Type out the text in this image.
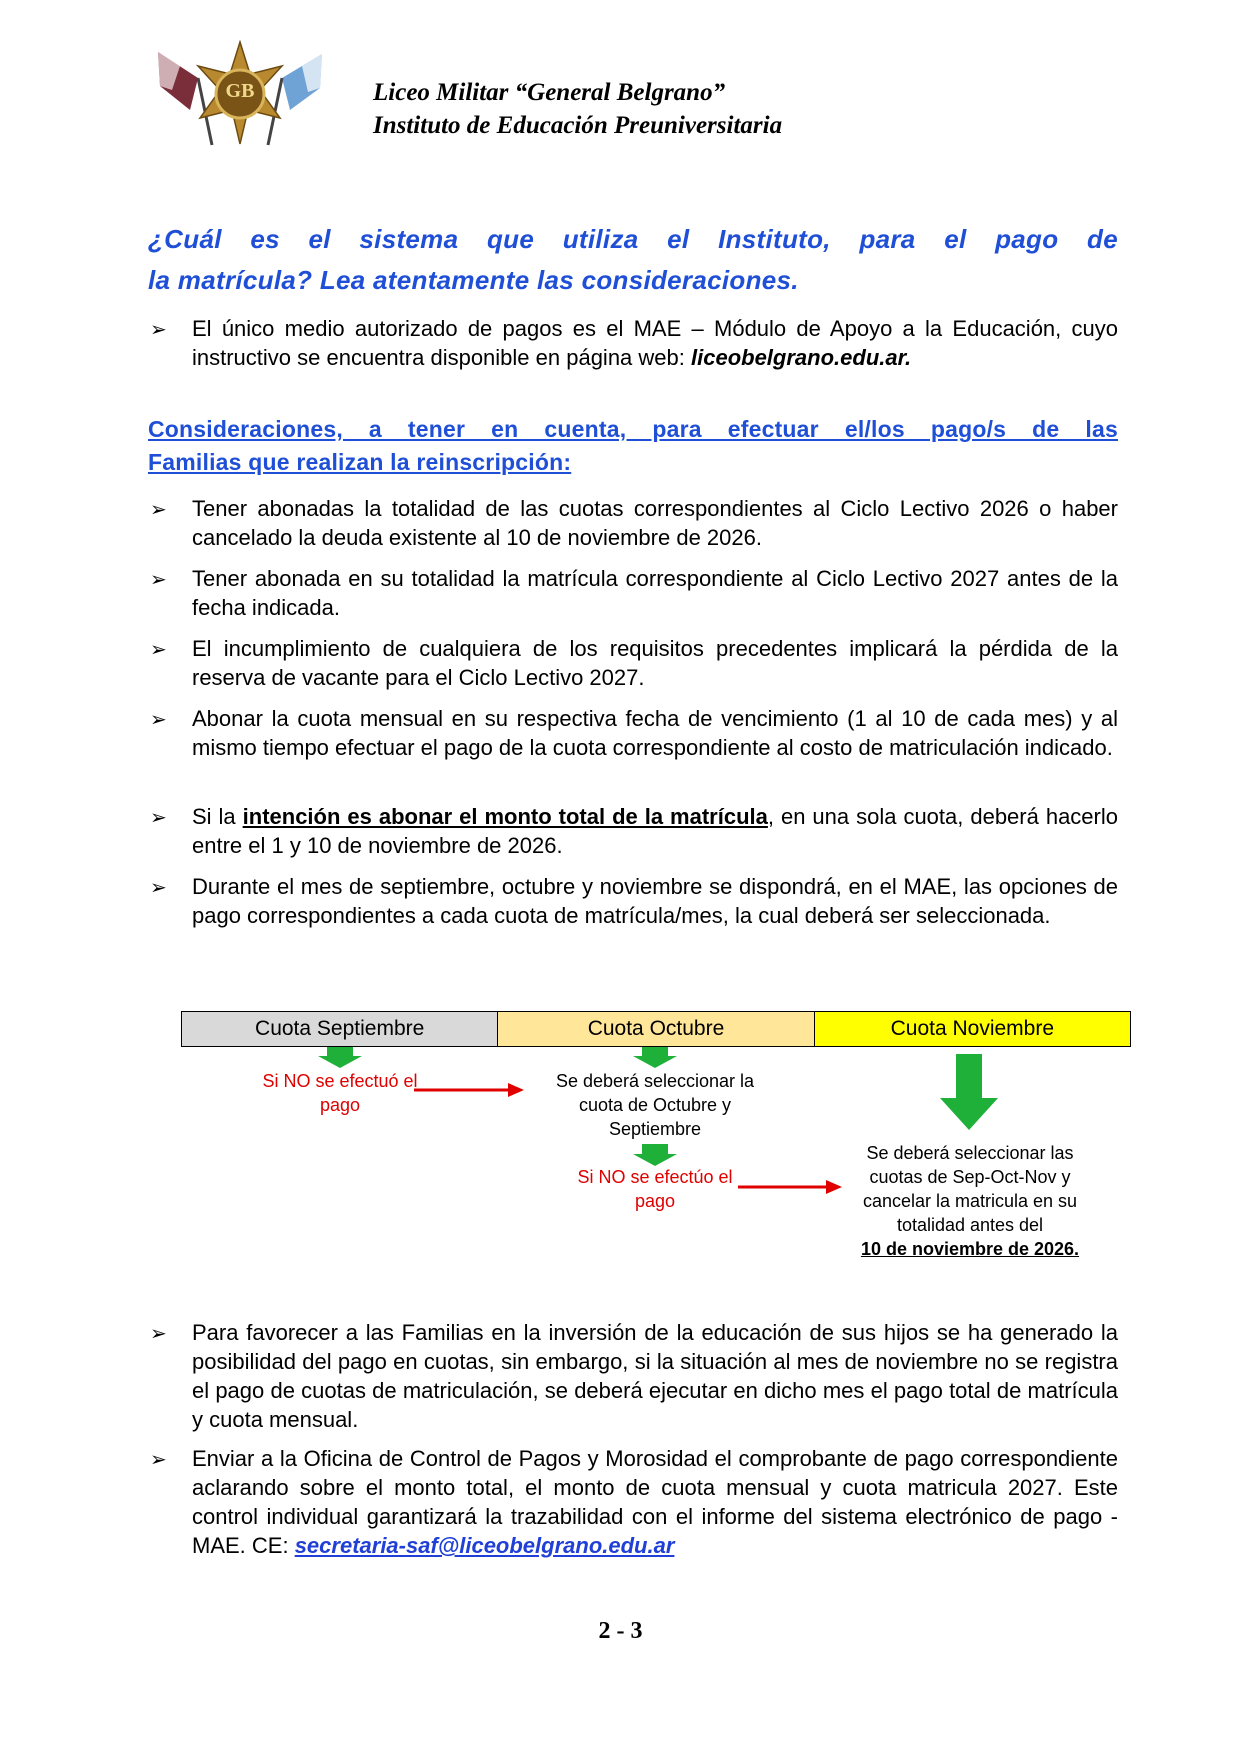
GB	Liceo Militar “General Belgrano”
Instituto de Educación Preuniversitaria
¿Cuál es el sistema que utiliza el Instituto, para el pago de
la matrícula? Lea atentamente las consideraciones.
➢ El único medio autorizado de pagos es el MAE – Módulo de Apoyo a la Educación, cuyo instructivo se encuentra disponible en página web: liceobelgrano.edu.ar.
Consideraciones, a tener en cuenta, para efectuar el/los pago/s de las
Familias que realizan la reinscripción:
➢ Tener abonadas la totalidad de las cuotas correspondientes al Ciclo Lectivo 2026 o haber cancelado la deuda existente al 10 de noviembre de 2026.
➢ Tener abonada en su totalidad la matrícula correspondiente al Ciclo Lectivo 2027 antes de la fecha indicada.
➢ El incumplimiento de cualquiera de los requisitos precedentes implicará la pérdida de la reserva de vacante para el Ciclo Lectivo 2027.
➢ Abonar la cuota mensual en su respectiva fecha de vencimiento (1 al 10 de cada mes) y al mismo tiempo efectuar el pago de la cuota correspondiente al costo de matriculación indicado.
➢ Si la intención es abonar el monto total de la matrícula, en una sola cuota, deberá hacerlo entre el 1 y 10 de noviembre de 2026.
➢ Durante el mes de septiembre, octubre y noviembre se dispondrá, en el MAE, las opciones de pago correspondientes a cada cuota de matrícula/mes, la cual deberá ser seleccionada.
Cuota Septiembre	Cuota Octubre	Cuota Noviembre
Si NO se efectuó el pago
Se deberá seleccionar la cuota de Octubre y Septiembre
Si NO se efectúo el pago
Se deberá seleccionar las cuotas de Sep-Oct-Nov y cancelar la matricula en su totalidad antes del
10 de noviembre de 2026.
➢ Para favorecer a las Familias en la inversión de la educación de sus hijos se ha generado la posibilidad del pago en cuotas, sin embargo, si la situación al mes de noviembre no se registra el pago de cuotas de matriculación, se deberá ejecutar en dicho mes el pago total de matrícula y cuota mensual.
➢ Enviar a la Oficina de Control de Pagos y Morosidad el comprobante de pago correspondiente aclarando sobre el monto total, el monto de cuota mensual y cuota matricula 2027. Este control individual garantizará la trazabilidad con el informe del sistema electrónico de pago - MAE. CE: secretaria-saf@liceobelgrano.edu.ar
2 - 3
